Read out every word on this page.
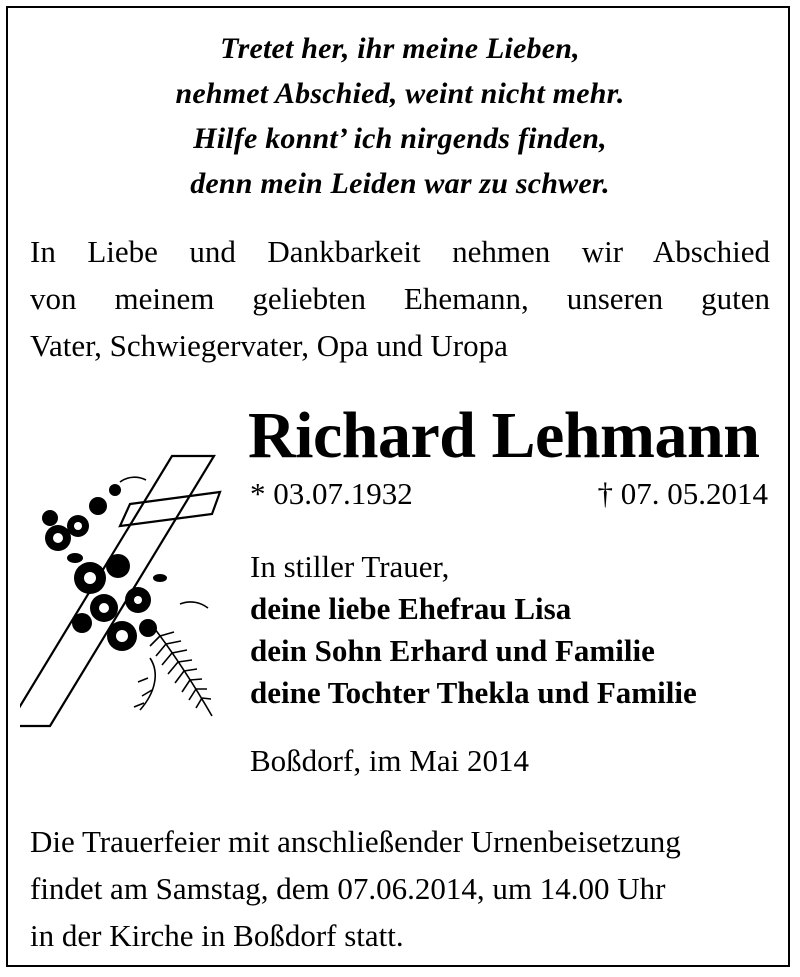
Tretet her, ihr meine Lieben,
nehmet Abschied, weint nicht mehr.
Hilfe konnt’ ich nirgends finden,
denn mein Leiden war zu schwer.
In Liebe und Dankbarkeit nehmen wir Abschied
von meinem geliebten Ehemann, unseren guten
Vater, Schwiegervater, Opa und Uropa
Richard Lehmann
* 03.07.1932	† 07. 05.2014
In stiller Trauer,
deine liebe Ehefrau Lisa
dein Sohn Erhard und Familie
deine Tochter Thekla und Familie
Boßdorf, im Mai 2014
Die Trauerfeier mit anschließender Urnenbeisetzung
findet am Samstag, dem 07.06.2014, um 14.00 Uhr
in der Kirche in Boßdorf statt.
